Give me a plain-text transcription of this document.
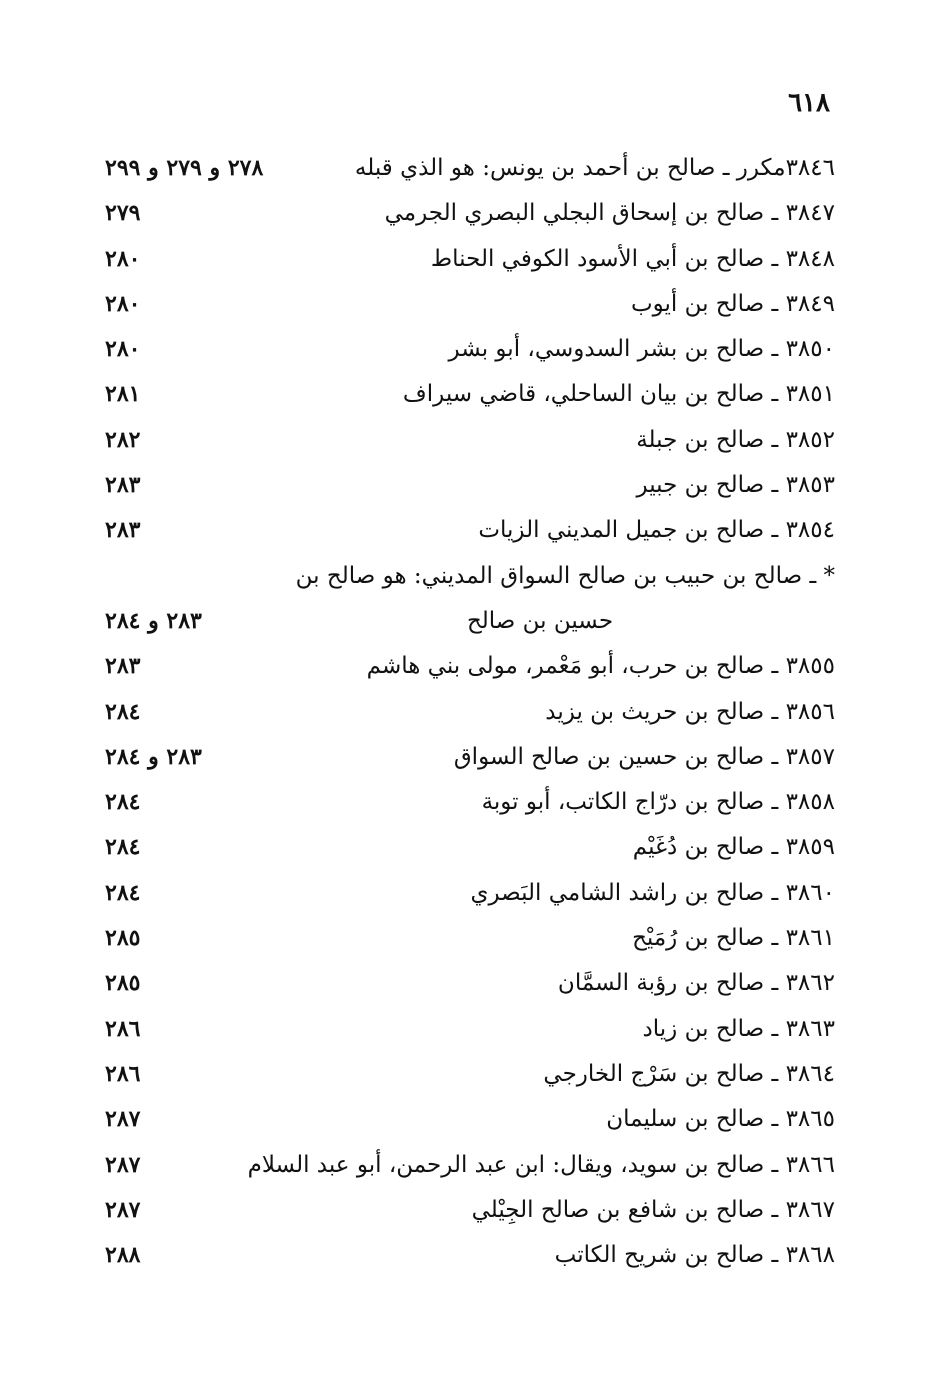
٦١٨
٣٨٤٦مكرر ـ صالح بن أحمد بن يونس: هو الذي قبله
٢٧٨ و ٢٧٩ و ٢٩٩
٣٨٤٧ ـ صالح بن إسحاق البجلي البصري الجرمي
٢٧٩
٣٨٤٨ ـ صالح بن أبي الأسود الكوفي الحناط
٢٨٠
٣٨٤٩ ـ صالح بن أيوب
٢٨٠
٣٨٥٠ ـ صالح بن بشر السدوسي، أبو بشر
٢٨٠
٣٨٥١ ـ صالح بن بيان الساحلي، قاضي سيراف
٢٨١
٣٨٥٢ ـ صالح بن جبلة
٢٨٢
٣٨٥٣ ـ صالح بن جبير
٢٨٣
٣٨٥٤ ـ صالح بن جميل المديني الزيات
٢٨٣
* ـ صالح بن حبيب بن صالح السواق المديني: هو صالح بن
حسين بن صالح
٢٨٣ و ٢٨٤
٣٨٥٥ ـ صالح بن حرب، أبو مَعْمر، مولى بني هاشم
٢٨٣
٣٨٥٦ ـ صالح بن حريث بن يزيد
٢٨٤
٣٨٥٧ ـ صالح بن حسين بن صالح السواق
٢٨٣ و ٢٨٤
٣٨٥٨ ـ صالح بن درّاج الكاتب، أبو توبة
٢٨٤
٣٨٥٩ ـ صالح بن دُغَيْم
٢٨٤
٣٨٦٠ ـ صالح بن راشد الشامي البَصري
٢٨٤
٣٨٦١ ـ صالح بن رُمَيْح
٢٨٥
٣٨٦٢ ـ صالح بن رؤبة السمَّان
٢٨٥
٣٨٦٣ ـ صالح بن زياد
٢٨٦
٣٨٦٤ ـ صالح بن سَرْج الخارجي
٢٨٦
٣٨٦٥ ـ صالح بن سليمان
٢٨٧
٣٨٦٦ ـ صالح بن سويد، ويقال: ابن عبد الرحمن، أبو عبد السلام
٢٨٧
٣٨٦٧ ـ صالح بن شافع بن صالح الجِيْلي
٢٨٧
٣٨٦٨ ـ صالح بن شريح الكاتب
٢٨٨
